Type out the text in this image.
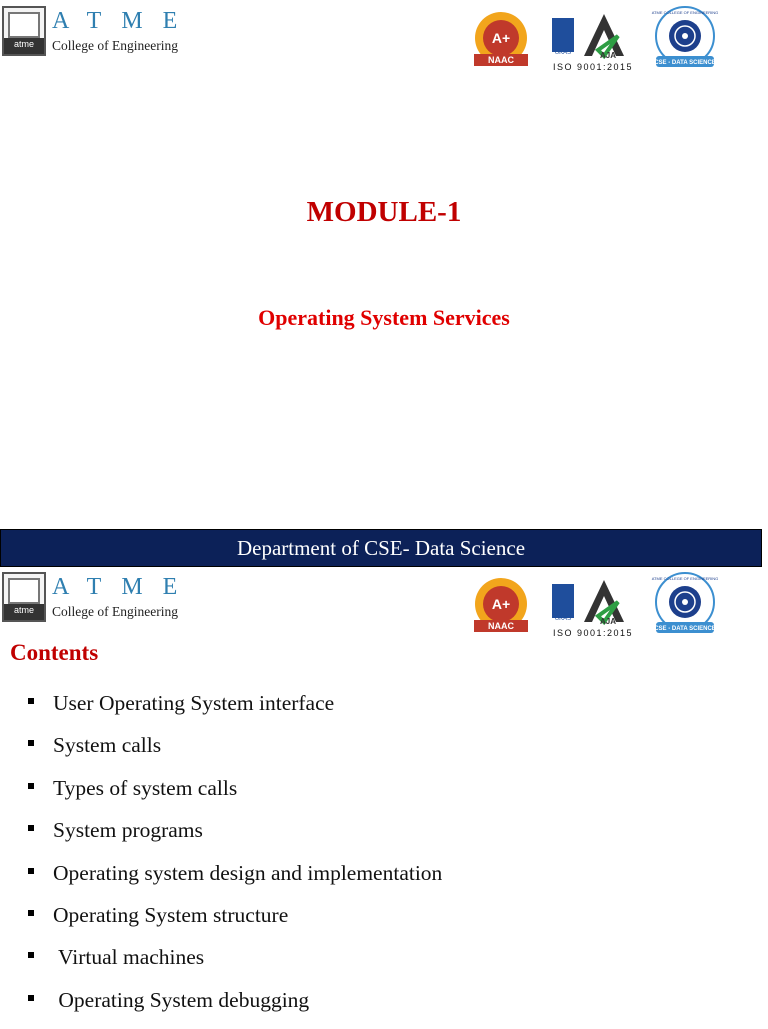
atme
ATME
College of Engineering	A+
NAAC
UKAS	AJA
ISO 9001:2015
ATME COLLEGE OF ENGINEERING
CSE - DATA SCIENCE
MODULE-1
Operating System Services
Department of CSE- Data Science
atme
ATME
College of Engineering	A+
NAAC
UKAS	AJA
ISO 9001:2015
ATME COLLEGE OF ENGINEERING
CSE - DATA SCIENCE
Contents
User Operating System interface
System calls
Types of system calls
System programs
Operating system design and implementation
Operating System structure
Virtual machines
Operating System debugging
